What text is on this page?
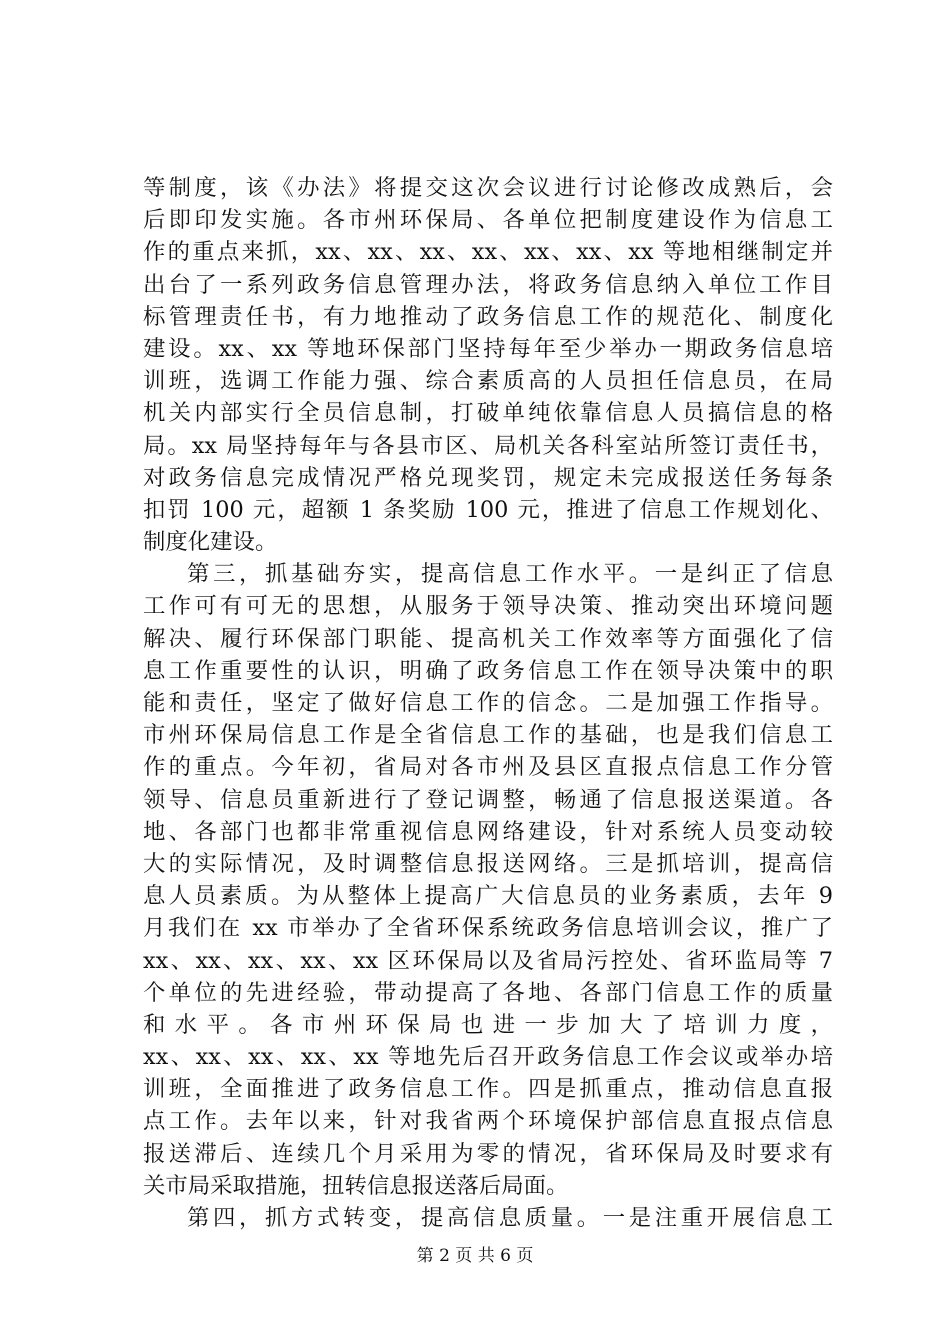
等制度，该《办法》将提交这次会议进行讨论修改成熟后，会
后即印发实施。各市州环保局、各单位把制度建设作为信息工
作的重点来抓，xx、xx、xx、xx、xx、xx、xx 等地相继制定并
出台了一系列政务信息管理办法，将政务信息纳入单位工作目
标管理责任书，有力地推动了政务信息工作的规范化、制度化
建设。xx、xx 等地环保部门坚持每年至少举办一期政务信息培
训班，选调工作能力强、综合素质高的人员担任信息员，在局
机关内部实行全员信息制，打破单纯依靠信息人员搞信息的格
局。xx 局坚持每年与各县市区、局机关各科室站所签订责任书，
对政务信息完成情况严格兑现奖罚，规定未完成报送任务每条
扣罚 100 元，超额 1 条奖励 100 元，推进了信息工作规划化、
制度化建设。
第三，抓基础夯实，提高信息工作水平。一是纠正了信息
工作可有可无的思想，从服务于领导决策、推动突出环境问题
解决、履行环保部门职能、提高机关工作效率等方面强化了信
息工作重要性的认识，明确了政务信息工作在领导决策中的职
能和责任，坚定了做好信息工作的信念。二是加强工作指导。
市州环保局信息工作是全省信息工作的基础，也是我们信息工
作的重点。今年初，省局对各市州及县区直报点信息工作分管
领导、信息员重新进行了登记调整，畅通了信息报送渠道。各
地、各部门也都非常重视信息网络建设，针对系统人员变动较
大的实际情况，及时调整信息报送网络。三是抓培训，提高信
息人员素质。为从整体上提高广大信息员的业务素质，去年 9
月我们在 xx 市举办了全省环保系统政务信息培训会议，推广了
xx、xx、xx、xx、xx 区环保局以及省局污控处、省环监局等 7
个单位的先进经验，带动提高了各地、各部门信息工作的质量
和 水 平 。 各 市 州 环 保 局 也 进 一 步 加 大 了 培 训 力 度 ，
xx、xx、xx、xx、xx 等地先后召开政务信息工作会议或举办培
训班，全面推进了政务信息工作。四是抓重点，推动信息直报
点工作。去年以来，针对我省两个环境保护部信息直报点信息
报送滞后、连续几个月采用为零的情况，省环保局及时要求有
关市局采取措施，扭转信息报送落后局面。
第四，抓方式转变，提高信息质量。一是注重开展信息工
第 2 页 共 6 页
